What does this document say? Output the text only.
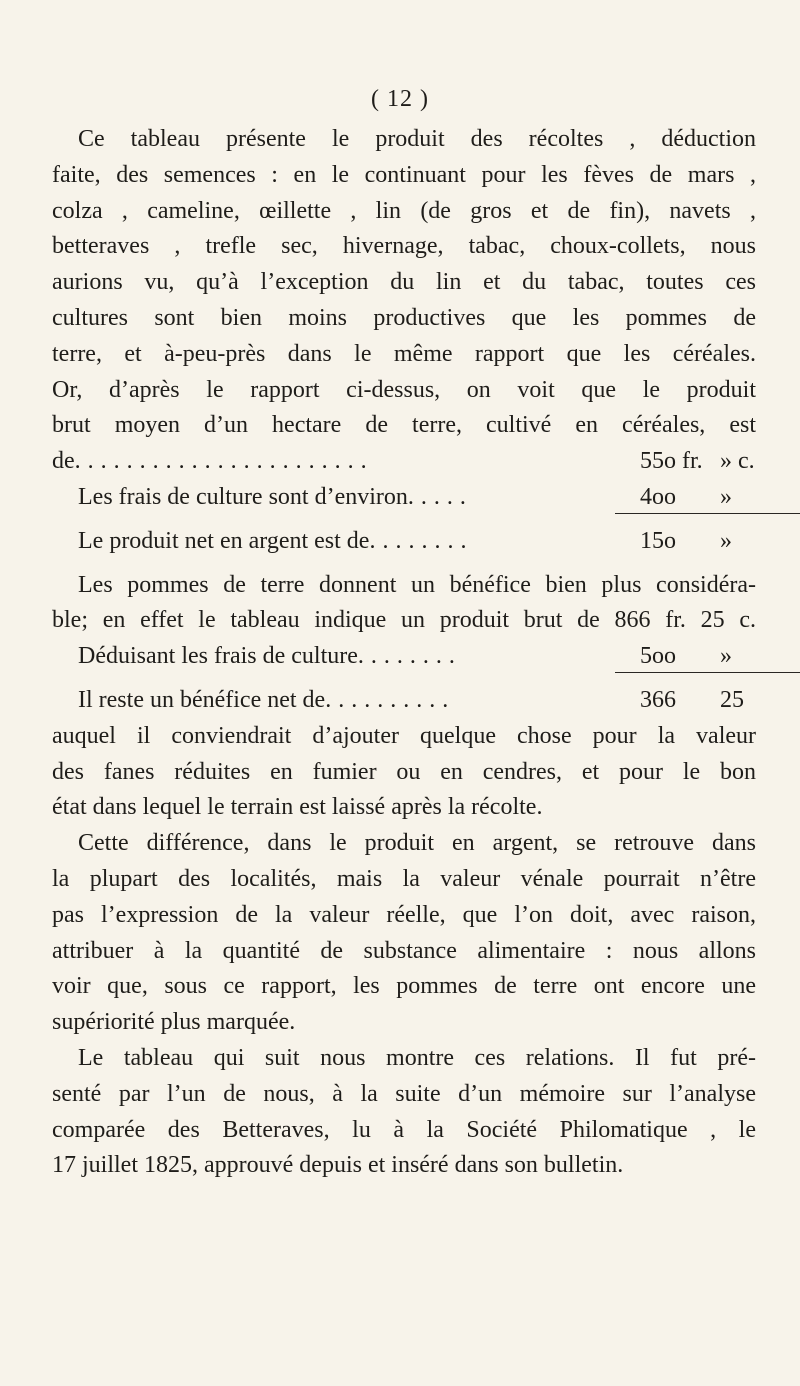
( 12 )
Ce tableau présente le produit des récoltes , déduction
faite, des semences : en le continuant pour les fèves de mars ,
colza , cameline, œillette , lin (de gros et de fin), navets ,
betteraves , trefle sec, hivernage, tabac, choux-collets, nous
aurions vu, qu’à l’exception du lin et du tabac, toutes ces
cultures sont bien moins productives que les pommes de
terre, et à-peu-près dans le même rapport que les céréales.
Or, d’après le rapport ci-dessus, on voit que le produit
brut moyen d’un hectare de terre, cultivé en céréales, est
de . . . . . . . . . . . . . . . . . . . . . . .	55o fr. » c.
Les frais de culture sont d’environ . . . . .	4oo	»
Le produit net en argent est de . . . . . . . .	15o	»
Les pommes de terre donnent un bénéfice bien plus considéra-
ble; en effet le tableau indique un produit brut de 866 fr. 25 c.
Déduisant les frais de culture . . . . . . . .	5oo	»
Il reste un bénéfice net de . . . . . . . . . .	366	25
auquel il conviendrait d’ajouter quelque chose pour la valeur
des fanes réduites en fumier ou en cendres, et pour le bon
état dans lequel le terrain est laissé après la récolte.
Cette différence, dans le produit en argent, se retrouve dans
la plupart des localités, mais la valeur vénale pourrait n’être
pas l’expression de la valeur réelle, que l’on doit, avec raison,
attribuer à la quantité de substance alimentaire : nous allons
voir que, sous ce rapport, les pommes de terre ont encore une
supériorité plus marquée.
Le tableau qui suit nous montre ces relations. Il fut pré-
senté par l’un de nous, à la suite d’un mémoire sur l’analyse
comparée des Betteraves, lu à la Société Philomatique , le
17 juillet 1825, approuvé depuis et inséré dans son bulletin.
